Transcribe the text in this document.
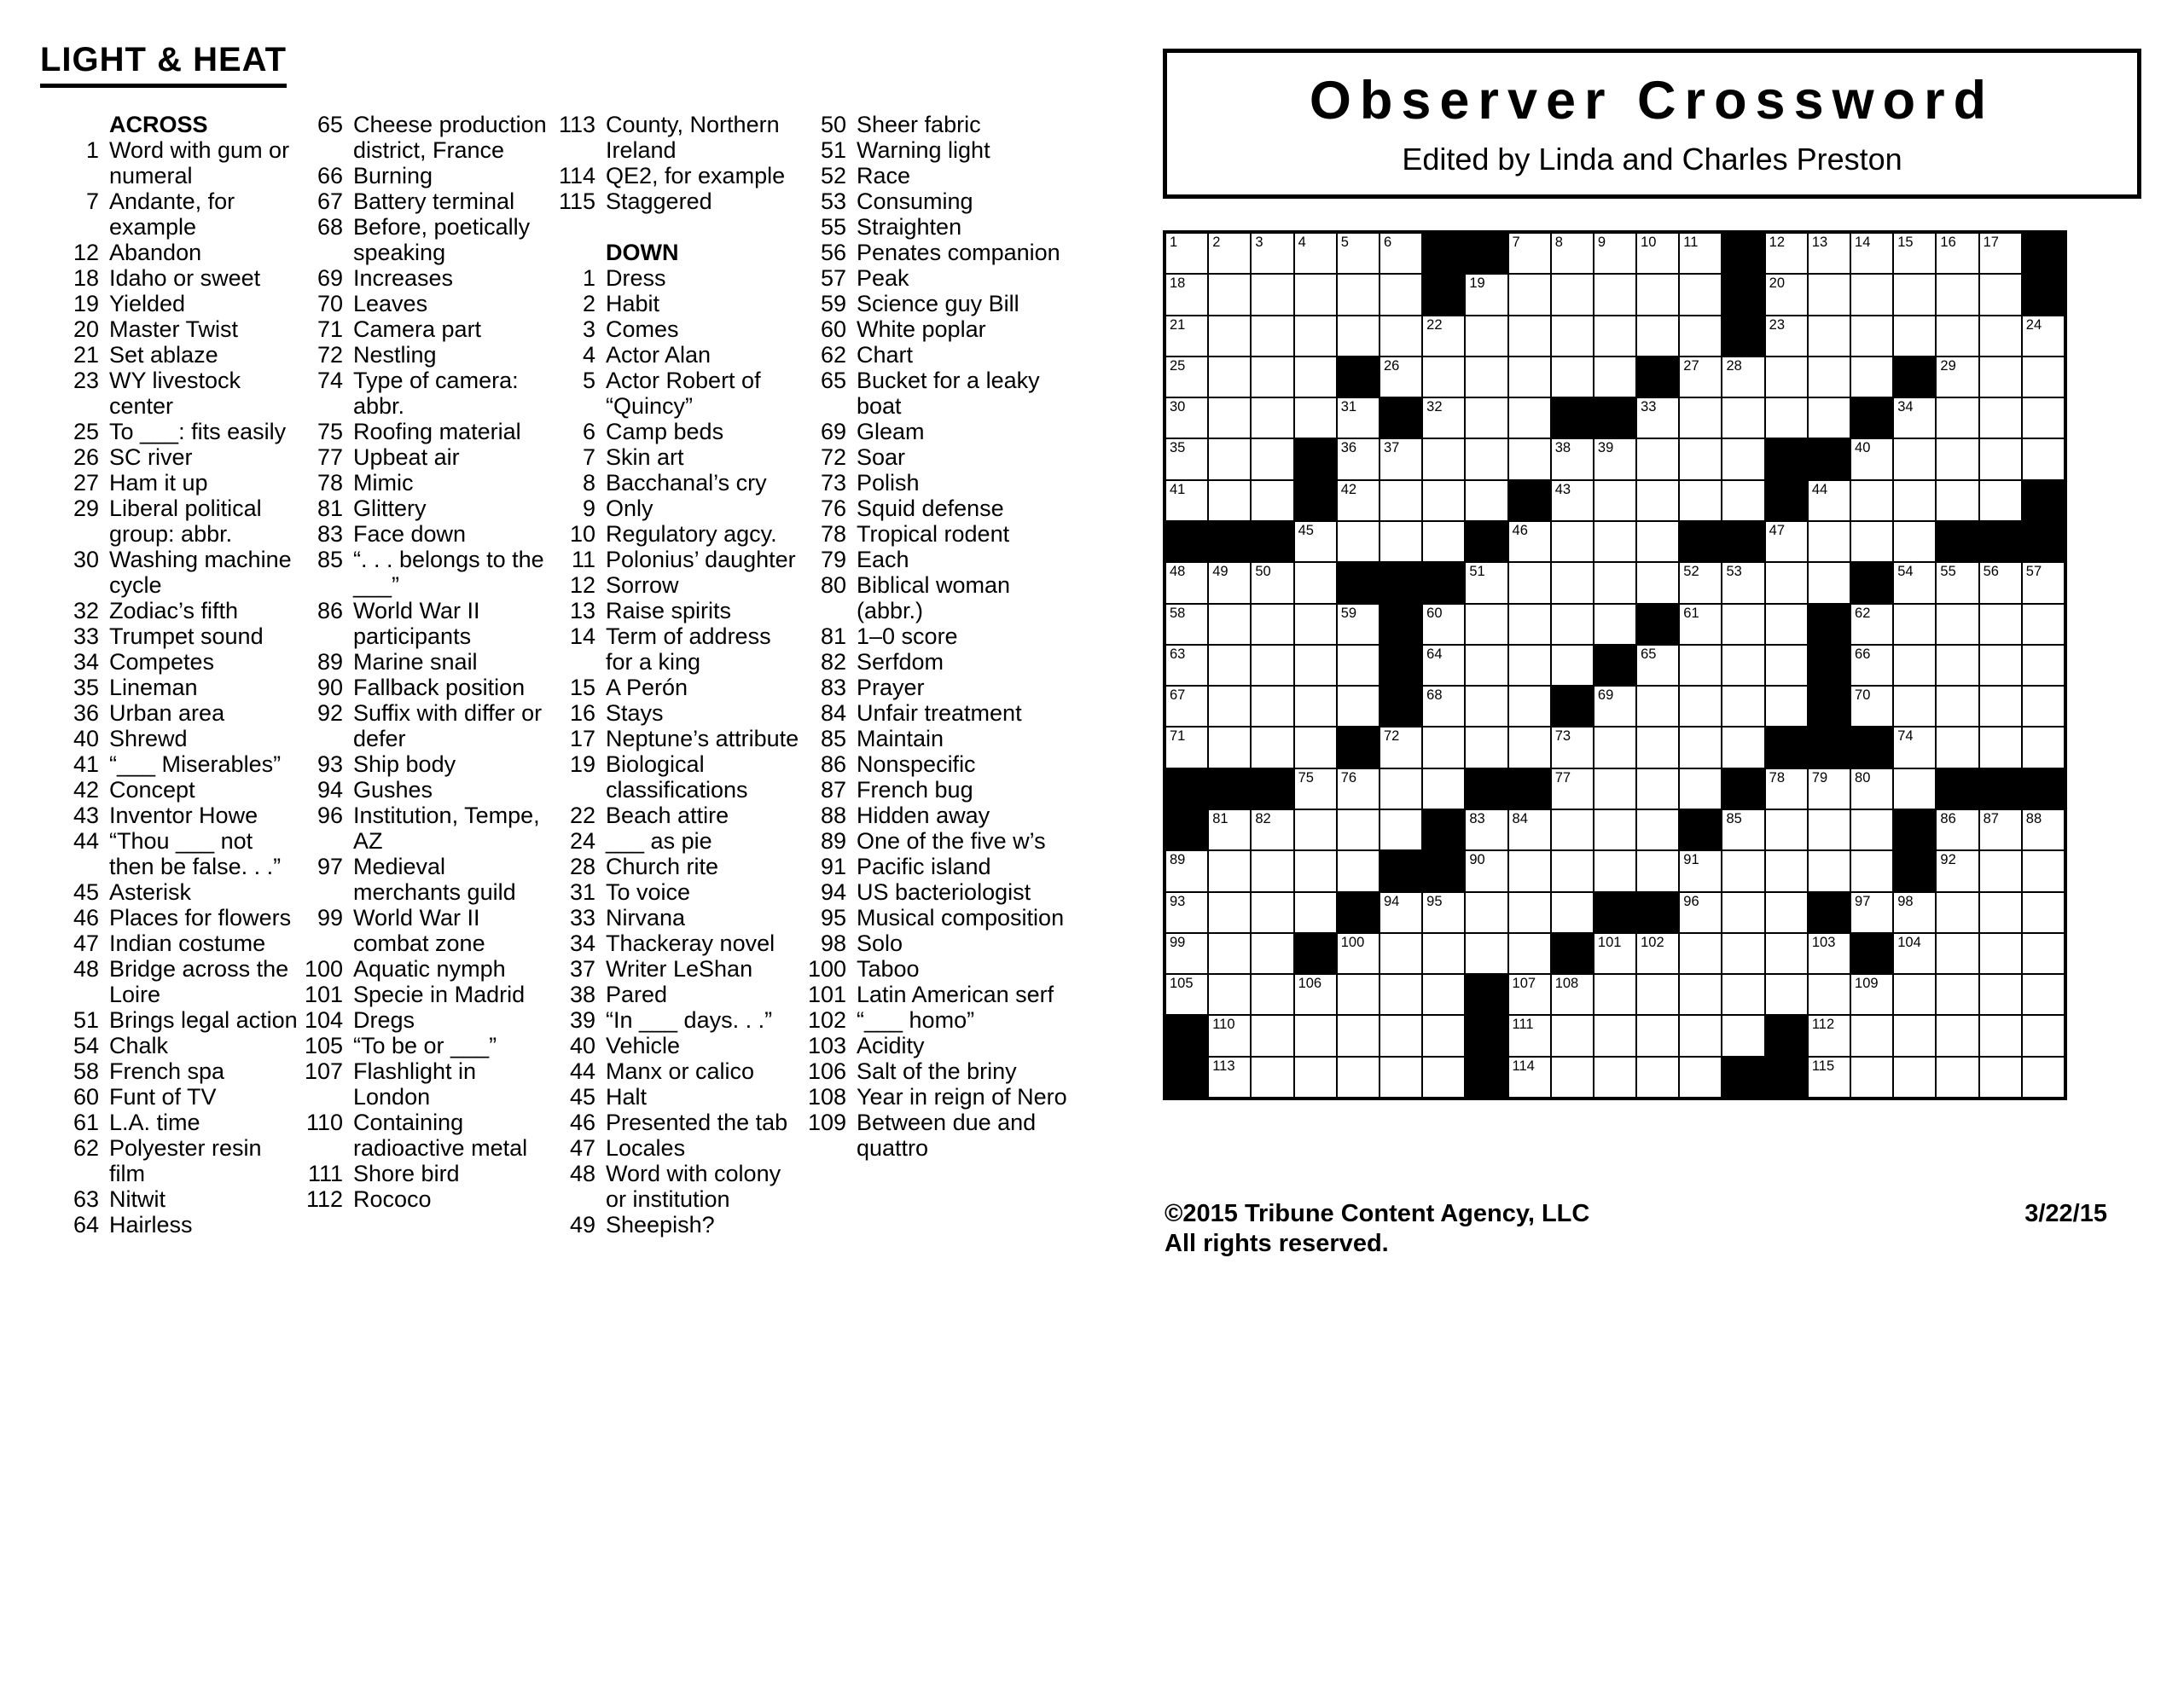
LIGHT & HEAT
ACROSS
1 Word with gum or numeral
7 Andante, for example
12 Abandon
18 Idaho or sweet
19 Yielded
20 Master Twist
21 Set ablaze
23 WY livestock center
25 To ___: fits easily
26 SC river
27 Ham it up
29 Liberal political group: abbr.
30 Washing machine cycle
32 Zodiac’s fifth
33 Trumpet sound
34 Competes
35 Lineman
36 Urban area
40 Shrewd
41 “___ Miserables”
42 Concept
43 Inventor Howe
44 “Thou ___ not then be false. . .”
45 Asterisk
46 Places for flowers
47 Indian costume
48 Bridge across the Loire
51 Brings legal action
54 Chalk
58 French spa
60 Funt of TV
61 L.A. time
62 Polyester resin film
63 Nitwit
64 Hairless
65 Cheese production district, France
66 Burning
67 Battery terminal
68 Before, poetically speaking
69 Increases
70 Leaves
71 Camera part
72 Nestling
74 Type of camera: abbr.
75 Roofing material
77 Upbeat air
78 Mimic
81 Glittery
83 Face down
85 “. . . belongs to the ___”
86 World War II participants
89 Marine snail
90 Fallback position
92 Suffix with differ or defer
93 Ship body
94 Gushes
96 Institution, Tempe, AZ
97 Medieval merchants guild
99 World War II combat zone
100 Aquatic nymph
101 Specie in Madrid
104 Dregs
105 “To be or ___”
107 Flashlight in London
110 Containing radioactive metal
111 Shore bird
112 Rococo
113 County, Northern Ireland
114 QE2, for example
115 Staggered
DOWN
1 Dress
2 Habit
3 Comes
4 Actor Alan
5 Actor Robert of “Quincy”
6 Camp beds
7 Skin art
8 Bacchanal’s cry
9 Only
10 Regulatory agcy.
11 Polonius’ daughter
12 Sorrow
13 Raise spirits
14 Term of address for a king
15 A Perón
16 Stays
17 Neptune’s attribute
19 Biological classifications
22 Beach attire
24 ___ as pie
28 Church rite
31 To voice
33 Nirvana
34 Thackeray novel
37 Writer LeShan
38 Pared
39 “In ___ days. . .”
40 Vehicle
44 Manx or calico
45 Halt
46 Presented the tab
47 Locales
48 Word with colony or institution
49 Sheepish?
50 Sheer fabric
51 Warning light
52 Race
53 Consuming
55 Straighten
56 Penates companion
57 Peak
59 Science guy Bill
60 White poplar
62 Chart
65 Bucket for a leaky boat
69 Gleam
72 Soar
73 Polish
76 Squid defense
78 Tropical rodent
79 Each
80 Biblical woman (abbr.)
81 1–0 score
82 Serfdom
83 Prayer
84 Unfair treatment
85 Maintain
86 Nonspecific
87 French bug
88 Hidden away
89 One of the five w’s
91 Pacific island
94 US bacteriologist
95 Musical composition
98 Solo
100 Taboo
101 Latin American serf
102 “___ homo”
103 Acidity
106 Salt of the briny
108 Year in reign of Nero
109 Between due and quattro
Observer Crossword
Edited by Linda and Charles Preston
1 2 3 4 5 6	7 8 9 10 11	12 13 14 15 16 17
18	19	20
21	22	23	24
25	26	27 28	29
30	31	32	33	34
35	36 37	38 39	40
41	42	43	44
45	46	47
48 49 50	51	52 53	54 55 56 57
58	59	60	61	62
63	64	65	66
67	68	69	70
71	72	73	74
75 76	77	78 79 80
81 82	83 84	85	86 87 88
89	90	91	92
93	94 95	96	97 98
99	100	101 102	103	104
105	106	107 108	109
110	111	112
113	114	115
©2015 Tribune Content Agency, LLC
All rights reserved.
3/22/15
